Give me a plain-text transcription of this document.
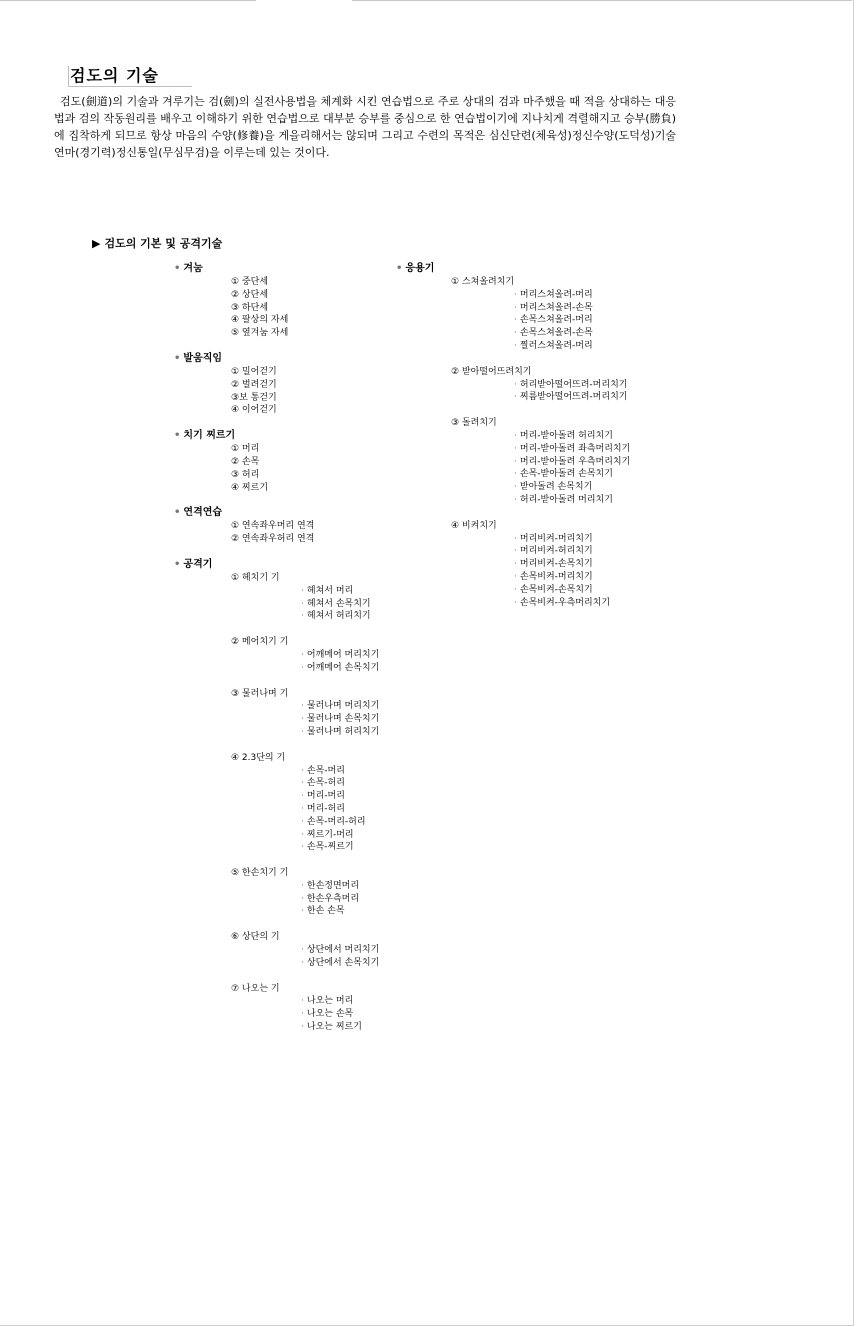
검도의 기술

검도(劍道)의 기술과 겨루기는 검(劍)의 실전사용법을 체계화 시킨 연습법으로 주로 상대의 검과 마주했을 때 적을 상대하는 대응법과 검의 작동원리를 배우고 이해하기 위한 연습법으로 대부분 승부를 중심으로 한 연습법이기에 지나치게 격렬해지고 승부(勝負)에 집착하게 되므로 항상 마음의 수양(修養)을 게을리해서는 않되며 그리고 수련의 목적은 심신단련(체육성)정신수양(도덕성)기술연마(경기력)정신통일(무심무검)을 이루는데 있는 것이다.

▶ 검도의 기본 및 공격기술
• 겨눔
① 중단세
② 상단세
③ 하단세
④ 팔상의 자세
⑤ 옆겨눔 자세
• 발움직임
① 밀어걷기
② 벌려걷기
③보 통걷기
④ 이어걷기
• 치기 찌르기
① 머리
② 손목
③ 허리
④ 찌르기
• 연격연습
① 연속좌우머리 연격
② 연속좌우허리 연격
• 공격기
① 헤치기 기
· 헤쳐서 머리
· 헤쳐서 손목치기
· 헤쳐서 허리치기
② 메어치기 기
· 어깨메어 머리치기
· 어깨메어 손목치기
③ 물러나며 기
· 물러나며 머리치기
· 물러나며 손목치기
· 물러나며 허리치기
④ 2.3단의 기
· 손목-머리
· 손목-허리
· 머리-머리
· 머리-허리
· 손목-머리-허리
· 찌르기-머리
· 손목-찌르기
⑤ 한손치기 기
· 한손정면머리
· 한손우측머리
· 한손 손목
⑥ 상단의 기
· 상단에서 머리치기
· 상단에서 손목치기
⑦ 나오는 기
· 나오는 머리
· 나오는 손목
· 나오는 찌르기
• 응용기
① 스쳐올려치기
· 머리스쳐올려-머리
· 머리스쳐올려-손목
· 손목스쳐올려-머리
· 손목스쳐올려-손목
· 찔러스쳐올려-머리
② 받아떨어뜨려치기
· 허리받아떨어뜨려-머리치기
· 찌름받아떨어뜨려-머리치기
③ 돌려치기
· 머리-받아돌려 허리치기
· 머리-받아돌려 좌측머리치기
· 머리-받아돌려 우측머리치기
· 손목-받아돌려 손목치기
· 받아돌려 손목치기
· 허리-받아돌려 머리치기
④ 비켜치기
· 머리비켜-머리치기
· 머리비켜-허리치기
· 머리비켜-손목치기
· 손목비켜-머리치기
· 손목비켜-손목치기
· 손목비켜-우측머리치기
